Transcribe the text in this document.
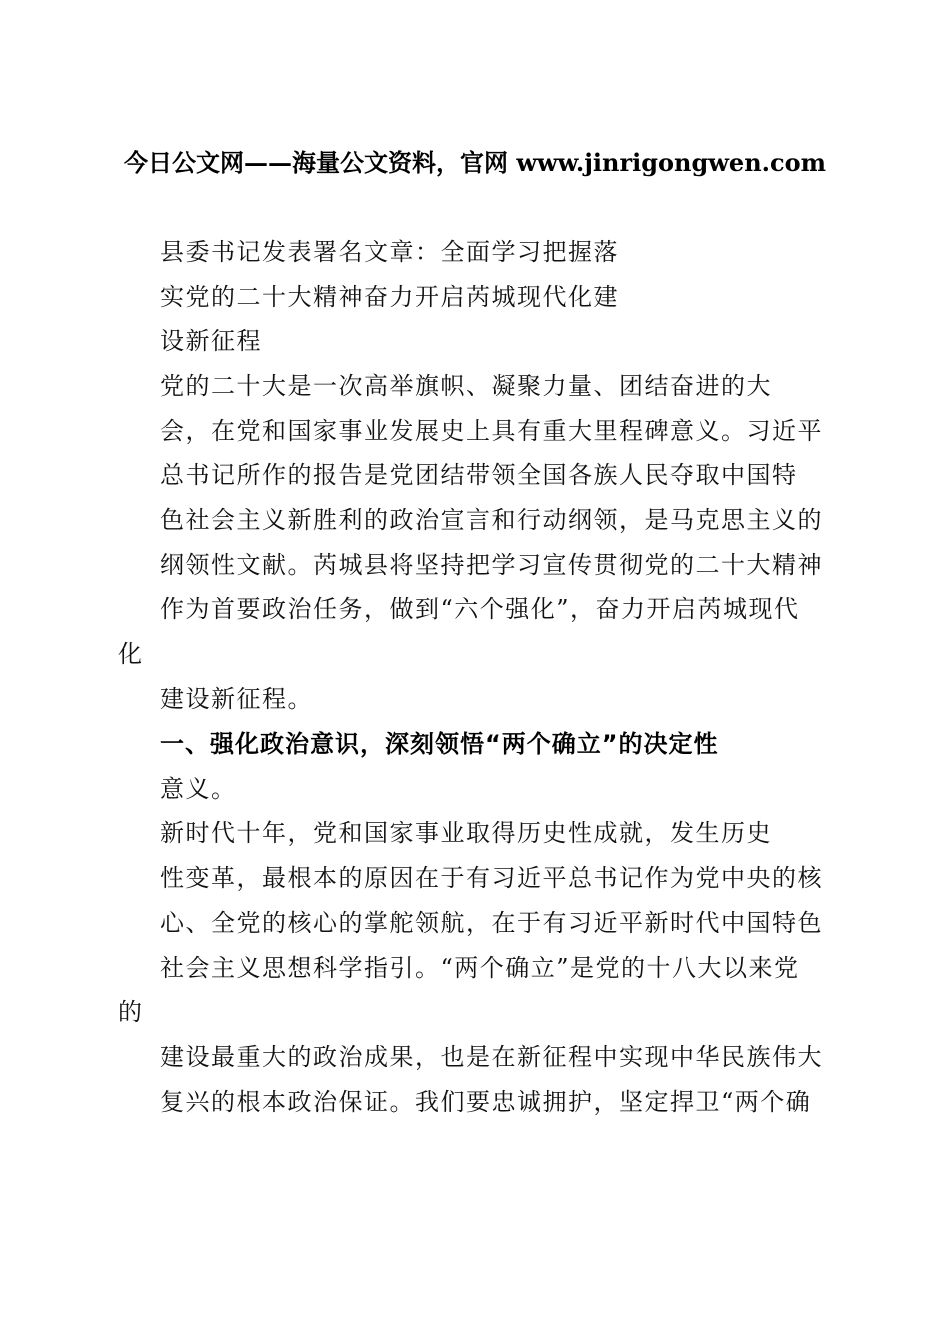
今日公文网——海量公文资料，官网 www.jinrigongwen.com
县委书记发表署名文章：全面学习把握落
实党的二十大精神奋力开启芮城现代化建
设新征程
党的二十大是一次高举旗帜、凝聚力量、团结奋进的大
会，在党和国家事业发展史上具有重大里程碑意义。习近平
总书记所作的报告是党团结带领全国各族人民夺取中国特
色社会主义新胜利的政治宣言和行动纲领，是马克思主义的
纲领性文献。芮城县将坚持把学习宣传贯彻党的二十大精神
作为首要政治任务，做到“六个强化”，奋力开启芮城现代
化
建设新征程。
一、强化政治意识，深刻领悟“两个确立”的决定性
意义。
新时代十年，党和国家事业取得历史性成就，发生历史
性变革，最根本的原因在于有习近平总书记作为党中央的核
心、全党的核心的掌舵领航，在于有习近平新时代中国特色
社会主义思想科学指引。“两个确立”是党的十八大以来党
的
建设最重大的政治成果，也是在新征程中实现中华民族伟大
复兴的根本政治保证。我们要忠诚拥护，坚定捍卫“两个确
